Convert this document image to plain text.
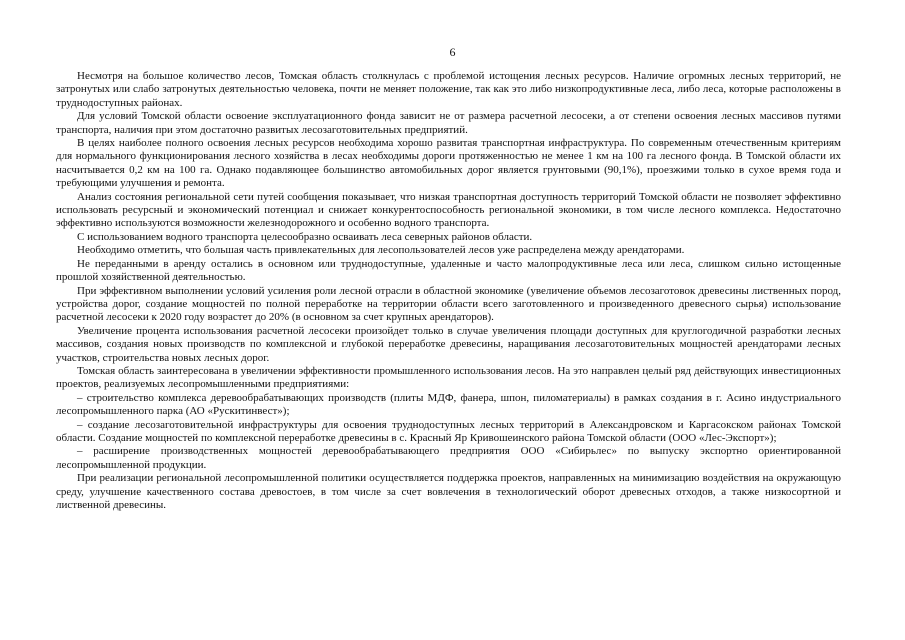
6

Несмотря на большое количество лесов, Томская область столкнулась с проблемой истощения лесных ресурсов. Наличие огромных лесных территорий, не затронутых или слабо затронутых деятельностью человека, почти не меняет положение, так как это либо низкопродуктивные леса, либо леса, которые расположены в труднодоступных районах.

Для условий Томской области освоение эксплуатационного фонда зависит не от размера расчетной лесосеки, а от степени освоения лесных массивов путями транспорта, наличия при этом достаточно развитых лесозаготовительных предприятий.

В целях наиболее полного освоения лесных ресурсов необходима хорошо развитая транспортная инфраструктура. По современным отечественным критериям для нормального функционирования лесного хозяйства в лесах необходимы дороги протяженностью не менее 1 км на 100 га лесного фонда. В Томской области их насчитывается 0,2 км на 100 га. Однако подавляющее большинство автомобильных дорог является грунтовыми (90,1%), проезжими только в сухое время года и требующими улучшения и ремонта.

Анализ состояния региональной сети путей сообщения показывает, что низкая транспортная доступность территорий Томской области не позволяет эффективно использовать ресурсный и экономический потенциал и снижает конкурентоспособность региональной экономики, в том числе лесного комплекса. Недостаточно эффективно используются возможности железнодорожного и особенно водного транспорта.

С использованием водного транспорта целесообразно осваивать леса северных районов области.

Необходимо отметить, что большая часть привлекательных для лесопользователей лесов уже распределена между арендаторами.

Не переданными в аренду остались в основном или труднодоступные, удаленные и часто малопродуктивные леса или леса, слишком сильно истощенные прошлой хозяйственной деятельностью.

При эффективном выполнении условий усиления роли лесной отрасли в областной экономике (увеличение объемов лесозаготовок древесины лиственных пород, устройства дорог, создание мощностей по полной переработке на территории области всего заготовленного и произведенного древесного сырья) использование расчетной лесосеки к 2020 году возрастет до 20% (в основном за счет крупных арендаторов).

Увеличение процента использования расчетной лесосеки произойдет только в случае увеличения площади доступных для круглогодичной разработки лесных массивов, создания новых производств по комплексной и глубокой переработке древесины, наращивания лесозаготовительных мощностей арендаторами лесных участков, строительства новых лесных дорог.

Томская область заинтересована в увеличении эффективности промышленного использования лесов. На это направлен целый ряд действующих инвестиционных проектов, реализуемых лесопромышленными предприятиями:

– строительство комплекса деревообрабатывающих производств (плиты МДФ, фанера, шпон, пиломатериалы) в рамках создания в г. Асино индустриального лесопромышленного парка (АО «Рускитинвест»);

– создание лесозаготовительной инфраструктуры для освоения труднодоступных лесных территорий в Александровском и Каргасокском районах Томской области. Создание мощностей по комплексной переработке древесины в с. Красный Яр Кривошеинского района Томской области (ООО «Лес-Экспорт»);

– расширение производственных мощностей деревообрабатывающего предприятия ООО «Сибирьлес» по выпуску экспортно ориентированной лесопромышленной продукции.

При реализации региональной лесопромышленной политики осуществляется поддержка проектов, направленных на минимизацию воздействия на окружающую среду, улучшение качественного состава древостоев, в том числе за счет вовлечения в технологический оборот древесных отходов, а также низкосортной и лиственной древесины.
